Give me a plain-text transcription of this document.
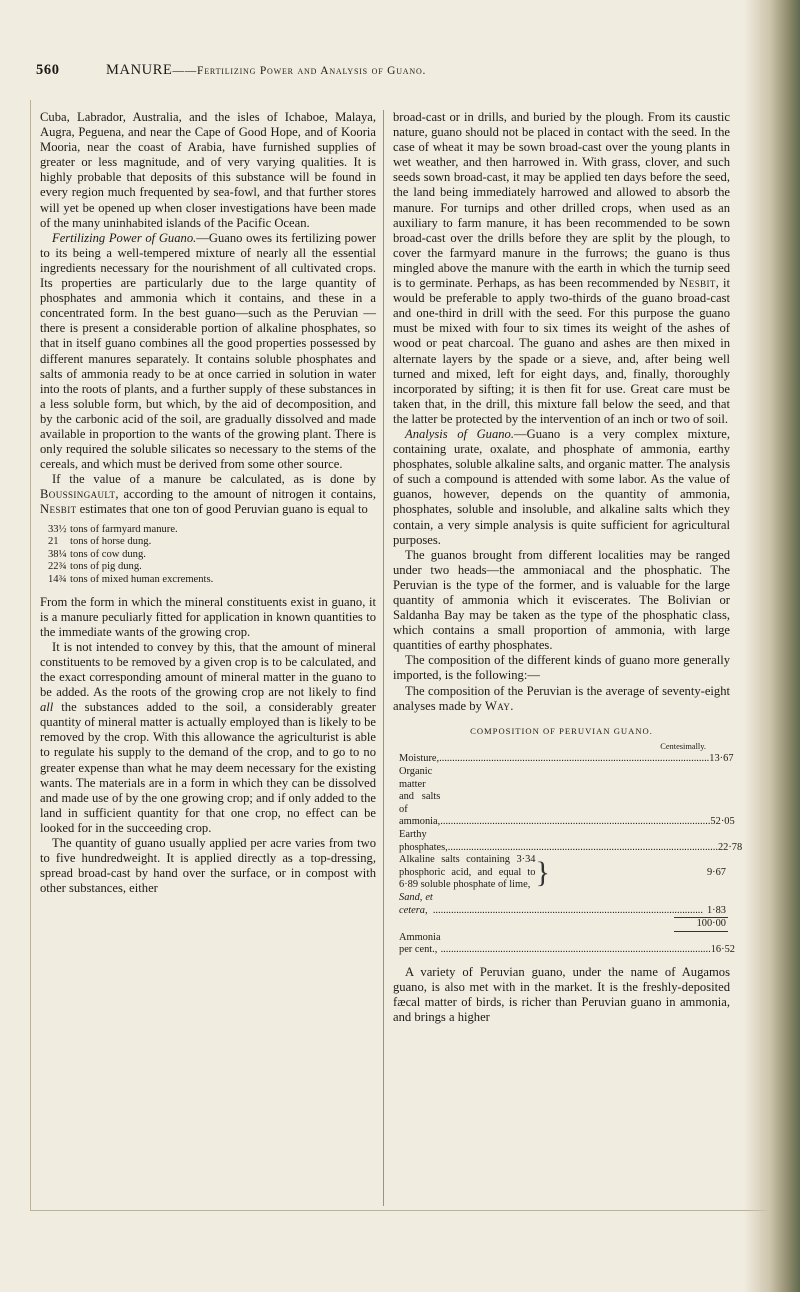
560	MANURE——Fertilizing Power and Analysis of Guano.

Cuba, Labrador, Australia, and the isles of Ichaboe, Malaya, Augra, Peguena, and near the Cape of Good Hope, and of Kooria Mooria, near the coast of Arabia, have furnished supplies of greater or less magnitude, and of very varying qualities. It is highly probable that deposits of this substance will be found in every region much frequented by sea-fowl, and that further stores will yet be opened up when closer investigations have been made of the many uninhabited islands of the Pacific Ocean.

Fertilizing Power of Guano.—Guano owes its fertilizing power to its being a well-tempered mixture of nearly all the essential ingredients necessary for the nourishment of all cultivated crops. Its properties are particularly due to the large quantity of phosphates and ammonia which it contains, and these in a concentrated form. In the best guano—such as the Peruvian —there is present a considerable portion of alkaline phosphates, so that in itself guano combines all the good properties possessed by different manures separately. It contains soluble phosphates and salts of ammonia ready to be at once carried in solution in water into the roots of plants, and a further supply of these substances in a less soluble form, but which, by the aid of decomposition, and by the carbonic acid of the soil, are gradually dissolved and made available in proportion to the wants of the growing plant. There is only required the soluble silicates so necessary to the stems of the cereals, and which must be derived from some other source.

If the value of a manure be calculated, as is done by Boussingault, according to the amount of nitrogen it contains, Nesbit estimates that one ton of good Peruvian guano is equal to

33½ tons of farmyard manure.
21	tons of horse dung.
38¼ tons of cow dung.
22¾ tons of pig dung.
14¾ tons of mixed human excrements.

From the form in which the mineral constituents exist in guano, it is a manure peculiarly fitted for application in known quantities to the immediate wants of the growing crop.

It is not intended to convey by this, that the amount of mineral constituents to be removed by a given crop is to be calculated, and the exact corresponding amount of mineral matter in the guano to be added. As the roots of the growing crop are not likely to find all the substances added to the soil, a considerably greater quantity of mineral matter is actually employed than is likely to be removed by the crop. With this allowance the agriculturist is able to regulate his supply to the demand of the crop, and to go to no greater expense than what he may deem necessary for the existing wants. The materials are in a form in which they can be dissolved and made use of by the one growing crop; and if only added to the land in sufficient quantity for that one crop, no effect can be looked for in the succeeding crop.

The quantity of guano usually applied per acre varies from two to five hundredweight. It is applied directly as a top-dressing, spread broad-cast by hand over the surface, or in compost with other substances, either

broad-cast or in drills, and buried by the plough. From its caustic nature, guano should not be placed in contact with the seed. In the case of wheat it may be sown broad-cast over the young plants in wet weather, and then harrowed in. With grass, clover, and such seeds sown broad-cast, it may be applied ten days before the seed, the land being immediately harrowed and allowed to absorb the manure. For turnips and other drilled crops, when used as an auxiliary to farm manure, it has been recommended to be sown broad-cast over the drills before they are split by the plough, to cover the farmyard manure in the furrows; the guano is thus mingled above the manure with the earth in which the turnip seed is to germinate. Perhaps, as has been recommended by Nesbit, it would be preferable to apply two-thirds of the guano broad-cast and one-third in drill with the seed. For this purpose the guano must be mixed with four to six times its weight of the ashes of wood or peat charcoal. The guano and ashes are then mixed in alternate layers by the spade or a sieve, and, after being well turned and mixed, left for eight days, and, finally, thoroughly incorporated by sifting; it is then fit for use. Great care must be taken that, in the drill, this mixture fall below the seed, and that the latter be protected by the intervention of an inch or two of soil.

Analysis of Guano.—Guano is a very complex mixture, containing urate, oxalate, and phosphate of ammonia, earthy phosphates, soluble alkaline salts, and organic matter. The analysis of such a compound is attended with some labor. As the value of guanos, however, depends on the quantity of ammonia, phosphates, soluble and insoluble, and alkaline salts which they contain, a very simple analysis is quite sufficient for agricultural purposes.

The guanos brought from different localities may be ranged under two heads—the ammoniacal and the phosphatic. The Peruvian is the type of the former, and is valuable for the large quantity of ammonia which it eviscerates. The Bolivian or Saldanha Bay may be taken as the type of the phosphatic class, which contains a small proportion of ammonia, with large quantities of earthy phosphates.

The composition of the different kinds of guano more generally imported, is the following:—

The composition of the Peruvian is the average of seventy-eight analyses made by Way.

COMPOSITION OF PERUVIAN GUANO.
Centesimally.
Moisture, ........................................................................................................ 13·67
Organic matter and salts of ammonia, ........................................................................................................ 52·05
Earthy phosphates, ........................................................................................................ 22·78
Alkaline salts containing 3·34 phosphoric acid, and equal to 6·89 soluble phosphate of lime, }	9·67
Sand, et cetera, ........................................................................................................ 1·83
100·00
Ammonia per cent., ........................................................................................................ 16·52

A variety of Peruvian guano, under the name of Augamos guano, is also met with in the market. It is the freshly-deposited fæcal matter of birds, is richer than Peruvian guano in ammonia, and brings a higher
